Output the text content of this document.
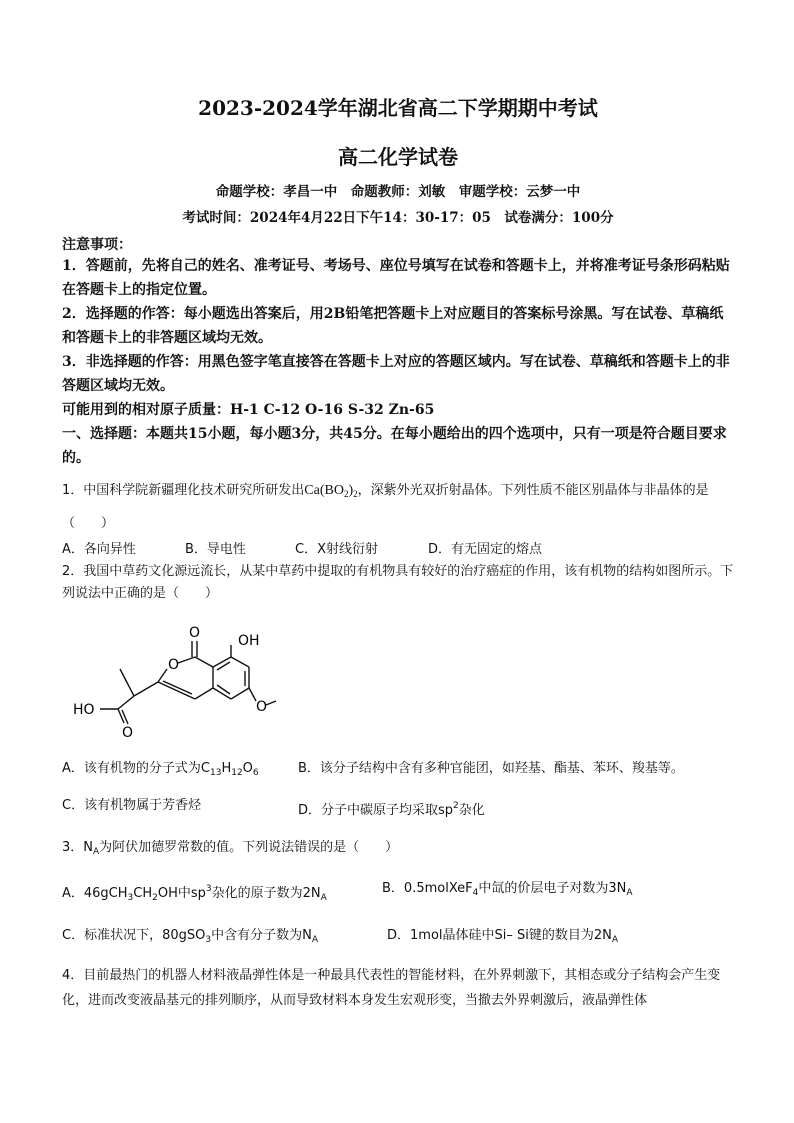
2023-2024学年湖北省高二下学期期中考试
高二化学试卷
命题学校：孝昌一中　命题教师：刘敏　审题学校：云梦一中
考试时间：2024年4月22日下午14：30-17：05　试卷满分：100分
注意事项：

1．答题前，先将自己的姓名、准考证号、考场号、座位号填写在试卷和答题卡上，并将准考证号条形码粘贴在答题卡上的指定位置。

2．选择题的作答：每小题选出答案后，用2B铅笔把答题卡上对应题目的答案标号涂黑。写在试卷、草稿纸和答题卡上的非答题区域均无效。

3．非选择题的作答：用黑色签字笔直接答在答题卡上对应的答题区域内。写在试卷、草稿纸和答题卡上的非答题区域均无效。

可能用到的相对原子质量：H-1 C-12 O-16 S-32 Zn-65

一、选择题：本题共15小题，每小题3分，共45分。在每小题给出的四个选项中，只有一项是符合题目要求的。

1．中国科学院新疆理化技术研究所研发出$Ca(BO_2)_2$，深紫外光双折射晶体。下列性质不能区别晶体与非晶体的是（　　）

A．各向异性	B．导电性	C．X射线衍射	D．有无固定的熔点

2．我国中草药文化源远流长，从某中草药中提取的有机物具有较好的治疗癌症的作用，该有机物的结构如图所示。下列说法中正确的是（　　）

O
O	OH
HO
O
O
A．该有机物的分子式为$C_{13}H_{12}O_6$	B．该分子结构中含有多种官能团，如羟基、酯基、苯环、羧基等。
C．该有机物属于芳香烃	D．分子中碳原子均采取$sp^2$杂化

3．$N_A$为阿伏加德罗常数的值。下列说法错误的是（　　）

A．$46gCH_3CH_2OH$中$sp^3$杂化的原子数为$2N_A$
B．0.5molXeF$_4$中氙的价层电子对数为$3N_A$
C．标准状况下，80gSO$_3$中含有分子数为$N_A$	D．1mol晶体硅中Si– Si键的数目为$2N_A$

4．目前最热门的机器人材料液晶弹性体是一种最具代表性的智能材料，在外界刺激下，其相态或分子结构会产生变化，进而改变液晶基元的排列顺序，从而导致材料本身发生宏观形变，当撤去外界刺激后，液晶弹性体
